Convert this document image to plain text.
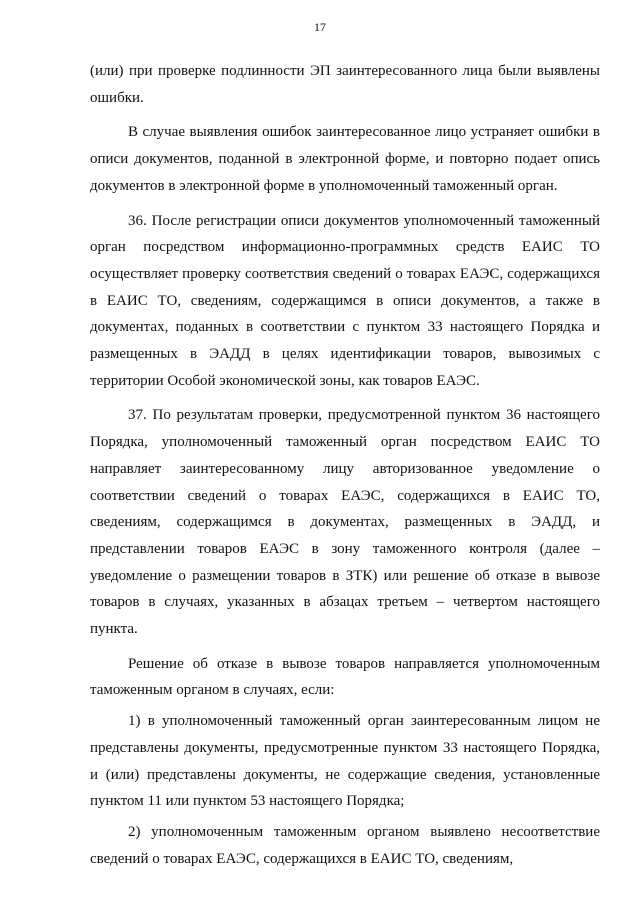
17

(или) при проверке подлинности ЭП заинтересованного лица были выявлены ошибки.

В случае выявления ошибок заинтересованное лицо устраняет ошибки в описи документов, поданной в электронной форме, и повторно подает опись документов в электронной форме в уполномоченный таможенный орган.

36. После регистрации описи документов уполномоченный таможенный орган посредством информационно-программных средств ЕАИС ТО осуществляет проверку соответствия сведений о товарах ЕАЭС, содержащихся в ЕАИС ТО, сведениям, содержащимся в описи документов, а также в документах, поданных в соответствии с пунктом 33 настоящего Порядка и размещенных в ЭАДД в целях идентификации товаров, вывозимых с территории Особой экономической зоны, как товаров ЕАЭС.

37. По результатам проверки, предусмотренной пунктом 36 настоящего Порядка, уполномоченный таможенный орган посредством ЕАИС ТО направляет заинтересованному лицу авторизованное уведомление о соответствии сведений о товарах ЕАЭС, содержащихся в ЕАИС ТО, сведениям, содержащимся в документах, размещенных в ЭАДД, и представлении товаров ЕАЭС в зону таможенного контроля (далее – уведомление о размещении товаров в ЗТК) или решение об отказе в вывозе товаров в случаях, указанных в абзацах третьем – четвертом настоящего пункта.

Решение об отказе в вывозе товаров направляется уполномоченным таможенным органом в случаях, если:

1) в уполномоченный таможенный орган заинтересованным лицом не представлены документы, предусмотренные пунктом 33 настоящего Порядка, и (или) представлены документы, не содержащие сведения, установленные пунктом 11 или пунктом 53 настоящего Порядка;

2) уполномоченным таможенным органом выявлено несоответствие сведений о товарах ЕАЭС, содержащихся в ЕАИС ТО, сведениям,
